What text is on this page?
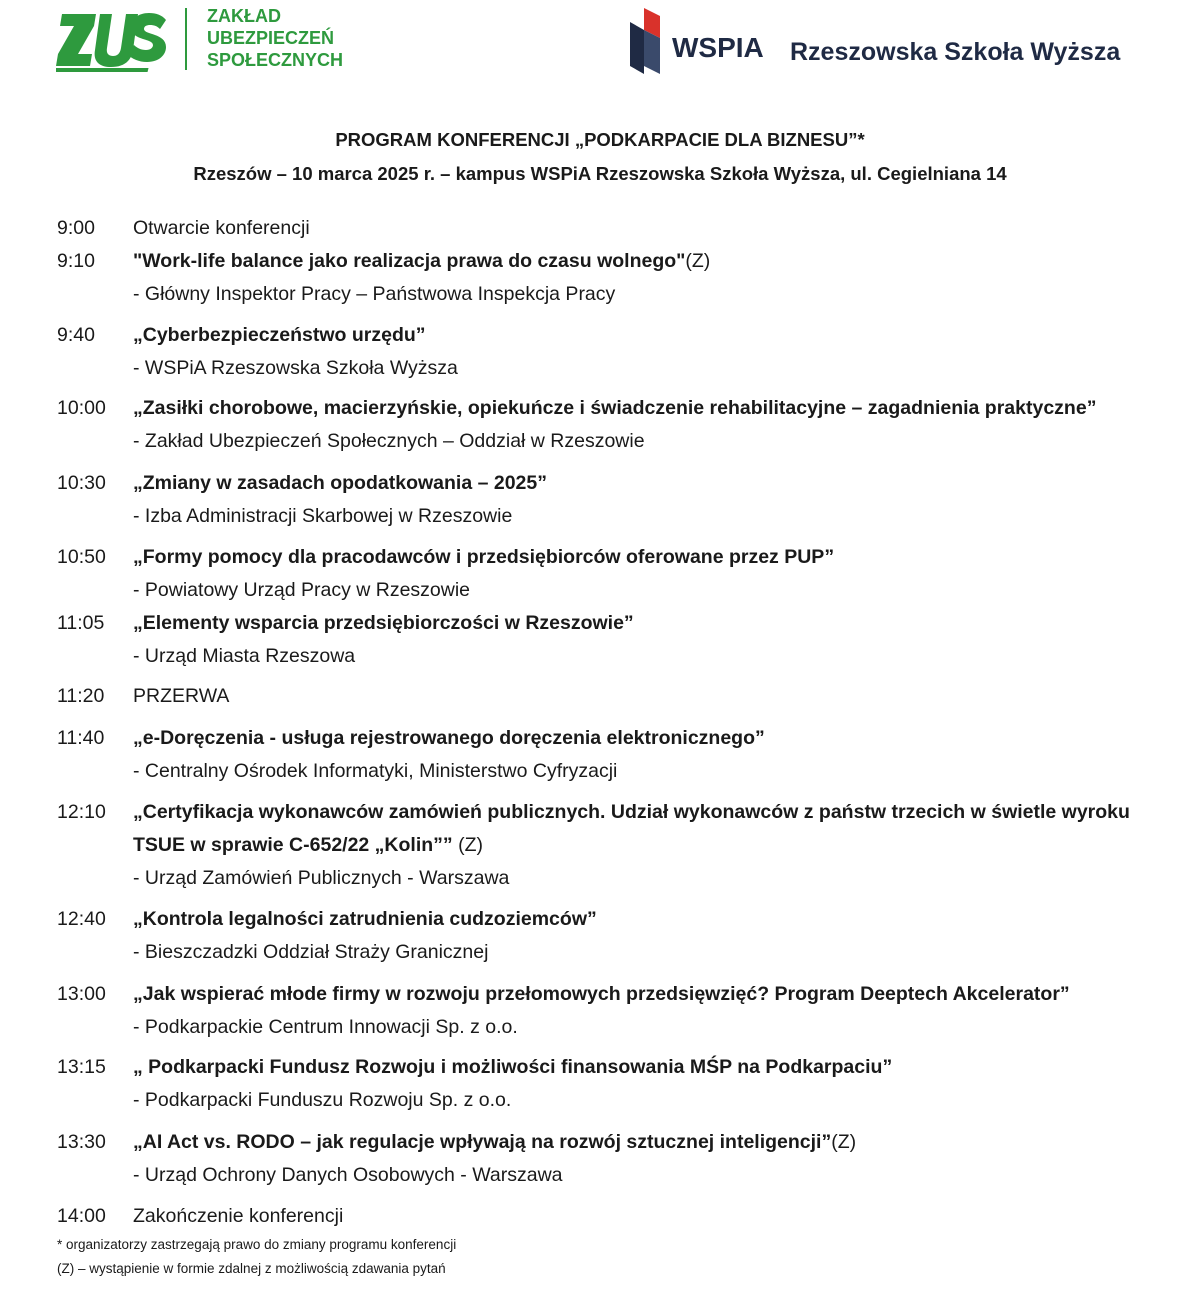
ZAKŁAD
UBEZPIECZEŃ
SPOŁECZNYCH	WSPIA Rzeszowska Szkoła Wyższa
PROGRAM KONFERENCJI „PODKARPACIE DLA BIZNESU”*
Rzeszów – 10 marca 2025 r. – kampus WSPiA Rzeszowska Szkoła Wyższa, ul. Cegielniana 14
9:00 Otwarcie konferencji
9:10 "Work-life balance jako realizacja prawa do czasu wolnego"(Z)
- Główny Inspektor Pracy – Państwowa Inspekcja Pracy
9:40 „Cyberbezpieczeństwo urzędu”
- WSPiA Rzeszowska Szkoła Wyższa
10:00 „Zasiłki chorobowe, macierzyńskie, opiekuńcze i świadczenie rehabilitacyjne – zagadnienia praktyczne”
- Zakład Ubezpieczeń Społecznych – Oddział w Rzeszowie
10:30 „Zmiany w zasadach opodatkowania – 2025”
- Izba Administracji Skarbowej w Rzeszowie
10:50 „Formy pomocy dla pracodawców i przedsiębiorców oferowane przez PUP”
- Powiatowy Urząd Pracy w Rzeszowie
11:05 „Elementy wsparcia przedsiębiorczości w Rzeszowie”
- Urząd Miasta Rzeszowa
11:20 PRZERWA
11:40 „e-Doręczenia - usługa rejestrowanego doręczenia elektronicznego”
- Centralny Ośrodek Informatyki, Ministerstwo Cyfryzacji
12:10 „Certyfikacja wykonawców zamówień publicznych. Udział wykonawców z państw trzecich w świetle wyroku TSUE w sprawie C-652/22 „Kolin”” (Z)
- Urząd Zamówień Publicznych - Warszawa
12:40 „Kontrola legalności zatrudnienia cudzoziemców”
- Bieszczadzki Oddział Straży Granicznej
13:00 „Jak wspierać młode firmy w rozwoju przełomowych przedsięwzięć? Program Deeptech Akcelerator”
- Podkarpackie Centrum Innowacji Sp. z o.o.
13:15 „ Podkarpacki Fundusz Rozwoju i możliwości finansowania MŚP na Podkarpaciu”
- Podkarpacki Funduszu Rozwoju Sp. z o.o.
13:30 „AI Act vs. RODO – jak regulacje wpływają na rozwój sztucznej inteligencji”(Z)
- Urząd Ochrony Danych Osobowych - Warszawa
14:00 Zakończenie konferencji
* organizatorzy zastrzegają prawo do zmiany programu konferencji
(Z) – wystąpienie w formie zdalnej z możliwością zdawania pytań
